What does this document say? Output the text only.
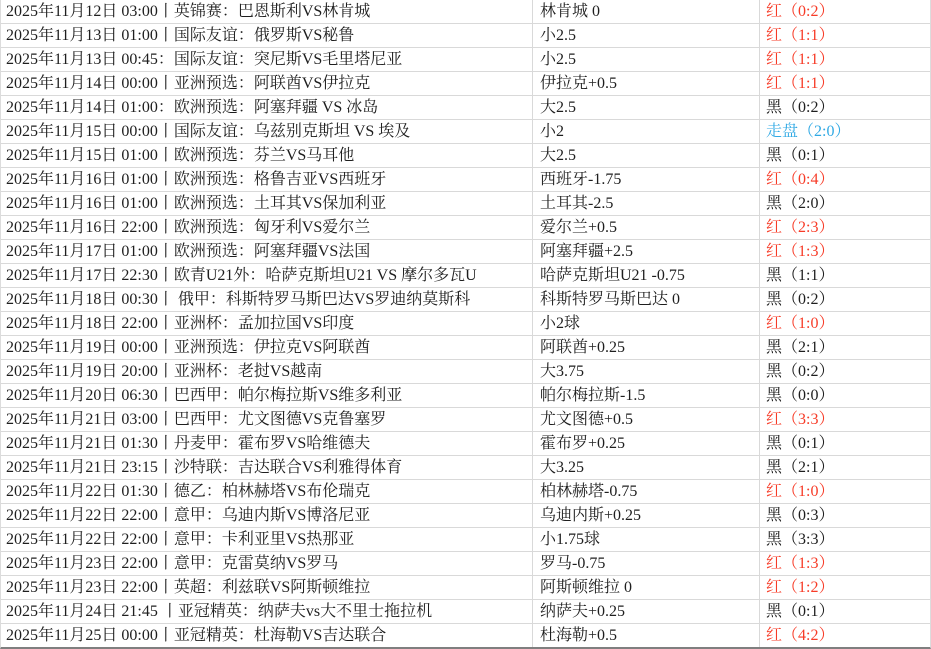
2025年11月12日 03:00丨英锦赛：巴恩斯利VS林肯城	林肯城 0	红（0:2）
2025年11月13日 01:00丨国际友谊：俄罗斯VS秘鲁	小2.5	红（1:1）
2025年11月13日 00:45：国际友谊：突尼斯VS毛里塔尼亚	小2.5	红（1:1）
2025年11月14日 00:00丨亚洲预选：阿联酋VS伊拉克	伊拉克+0.5	红（1:1）
2025年11月14日 01:00：欧洲预选：阿塞拜疆 VS 冰岛	大2.5	黑（0:2）
2025年11月15日 00:00丨国际友谊：乌兹别克斯坦 VS 埃及	小2	走盘（2:0）
2025年11月15日 01:00丨欧洲预选：芬兰VS马耳他	大2.5	黑（0:1）
2025年11月16日 01:00丨欧洲预选：格鲁吉亚VS西班牙	西班牙-1.75	红（0:4）
2025年11月16日 01:00丨欧洲预选：土耳其VS保加利亚	土耳其-2.5	黑（2:0）
2025年11月16日 22:00丨欧洲预选：匈牙利VS爱尔兰	爱尔兰+0.5	红（2:3）
2025年11月17日 01:00丨欧洲预选：阿塞拜疆VS法国	阿塞拜疆+2.5	红（1:3）
2025年11月17日 22:30丨欧青U21外：哈萨克斯坦U21 VS 摩尔多瓦U	哈萨克斯坦U21 -0.75	黑（1:1）
2025年11月18日 00:30丨 俄甲：科斯特罗马斯巴达VS罗迪纳莫斯科	科斯特罗马斯巴达 0	黑（0:2）
2025年11月18日 22:00丨亚洲杯：孟加拉国VS印度	小2球	红（1:0）
2025年11月19日 00:00丨亚洲预选：伊拉克VS阿联酋	阿联酋+0.25	黑（2:1）
2025年11月19日 20:00丨亚洲杯：老挝VS越南	大3.75	黑（0:2）
2025年11月20日 06:30丨巴西甲：帕尔梅拉斯VS维多利亚	帕尔梅拉斯-1.5	黑（0:0）
2025年11月21日 03:00丨巴西甲：尤文图德VS克鲁塞罗	尤文图德+0.5	红（3:3）
2025年11月21日 01:30丨丹麦甲：霍布罗VS哈维德夫	霍布罗+0.25	黑（0:1）
2025年11月21日 23:15丨沙特联：吉达联合VS利雅得体育	大3.25	黑（2:1）
2025年11月22日 01:30丨德乙：柏林赫塔VS布伦瑞克	柏林赫塔-0.75	红（1:0）
2025年11月22日 22:00丨意甲：乌迪内斯VS博洛尼亚	乌迪内斯+0.25	黑（0:3）
2025年11月22日 22:00丨意甲：卡利亚里VS热那亚	小1.75球	黑（3:3）
2025年11月23日 22:00丨意甲：克雷莫纳VS罗马	罗马-0.75	红（1:3）
2025年11月23日 22:00丨英超：利兹联VS阿斯顿维拉	阿斯顿维拉 0	红（1:2）
2025年11月24日 21:45 丨亚冠精英：纳萨夫vs大不里士拖拉机	纳萨夫+0.25	黑（0:1）
2025年11月25日 00:00丨亚冠精英：杜海勒VS吉达联合	杜海勒+0.5	红（4:2）
